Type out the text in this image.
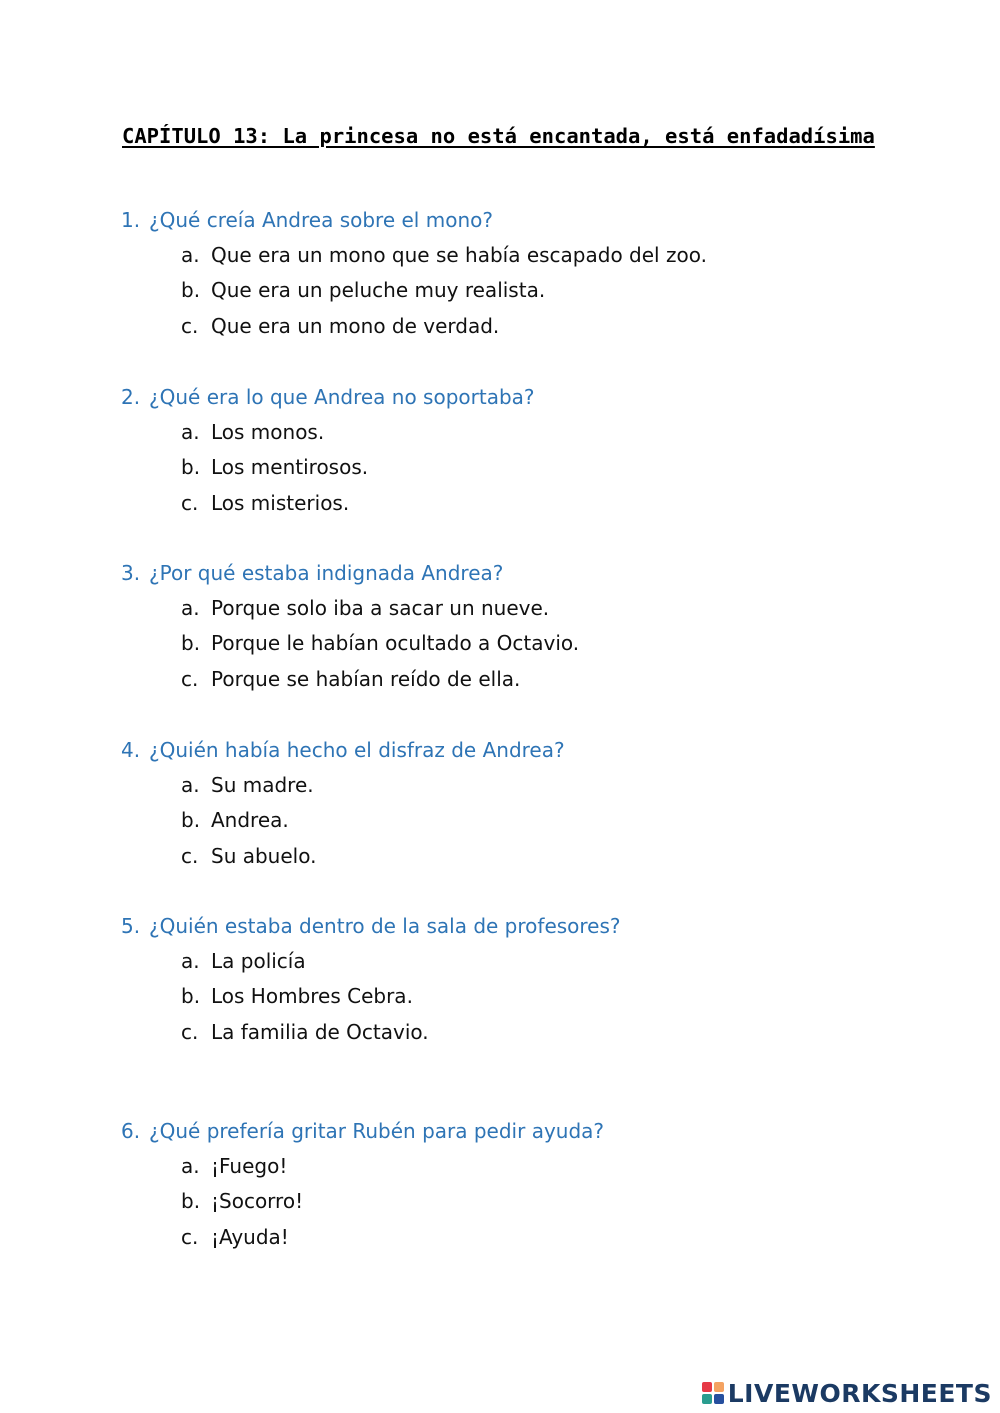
CAPÍTULO 13: La princesa no está encantada, está enfadadísima
1. ¿Qué creía Andrea sobre el mono?
a. Que era un mono que se había escapado del zoo.
b. Que era un peluche muy realista.
c. Que era un mono de verdad.
2. ¿Qué era lo que Andrea no soportaba?
a. Los monos.
b. Los mentirosos.
c. Los misterios.
3. ¿Por qué estaba indignada Andrea?
a. Porque solo iba a sacar un nueve.
b. Porque le habían ocultado a Octavio.
c. Porque se habían reído de ella.
4. ¿Quién había hecho el disfraz de Andrea?
a. Su madre.
b. Andrea.
c. Su abuelo.
5. ¿Quién estaba dentro de la sala de profesores?
a. La policía
b. Los Hombres Cebra.
c. La familia de Octavio.
6. ¿Qué prefería gritar Rubén para pedir ayuda?
a. ¡Fuego!
b. ¡Socorro!
c. ¡Ayuda!
LIVEWORKSHEETS
